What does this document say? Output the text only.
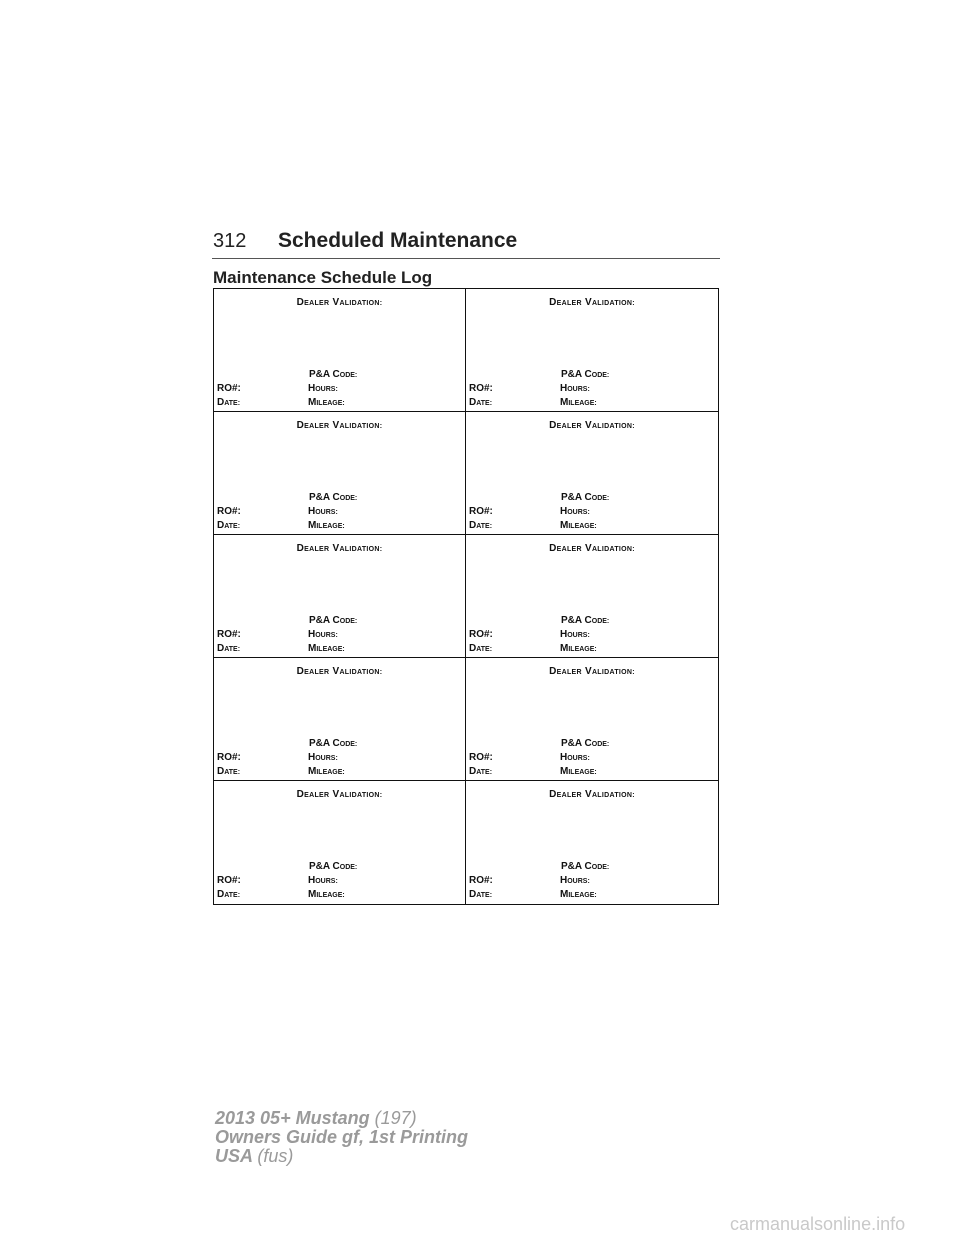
312 Scheduled Maintenance
Maintenance Schedule Log
DEALER VALIDATION:
P&A CODE:
RO#:	HOURS:
DATE:	MILEAGE:
DEALER VALIDATION:
P&A CODE:
RO#:	HOURS:
DATE:	MILEAGE:
DEALER VALIDATION:
P&A CODE:
RO#:	HOURS:
DATE:	MILEAGE:
DEALER VALIDATION:
P&A CODE:
RO#:	HOURS:
DATE:	MILEAGE:
DEALER VALIDATION:
P&A CODE:
RO#:	HOURS:
DATE:	MILEAGE:
DEALER VALIDATION:
P&A CODE:
RO#:	HOURS:
DATE:	MILEAGE:
DEALER VALIDATION:
P&A CODE:
RO#:	HOURS:
DATE:	MILEAGE:
DEALER VALIDATION:
P&A CODE:
RO#:	HOURS:
DATE:	MILEAGE:
DEALER VALIDATION:
P&A CODE:
RO#:	HOURS:
DATE:	MILEAGE:
DEALER VALIDATION:
P&A CODE:
RO#:	HOURS:
DATE:	MILEAGE:
2013 05+ Mustang (197)
Owners Guide gf, 1st Printing
USA (fus)
carmanualsonline.info
